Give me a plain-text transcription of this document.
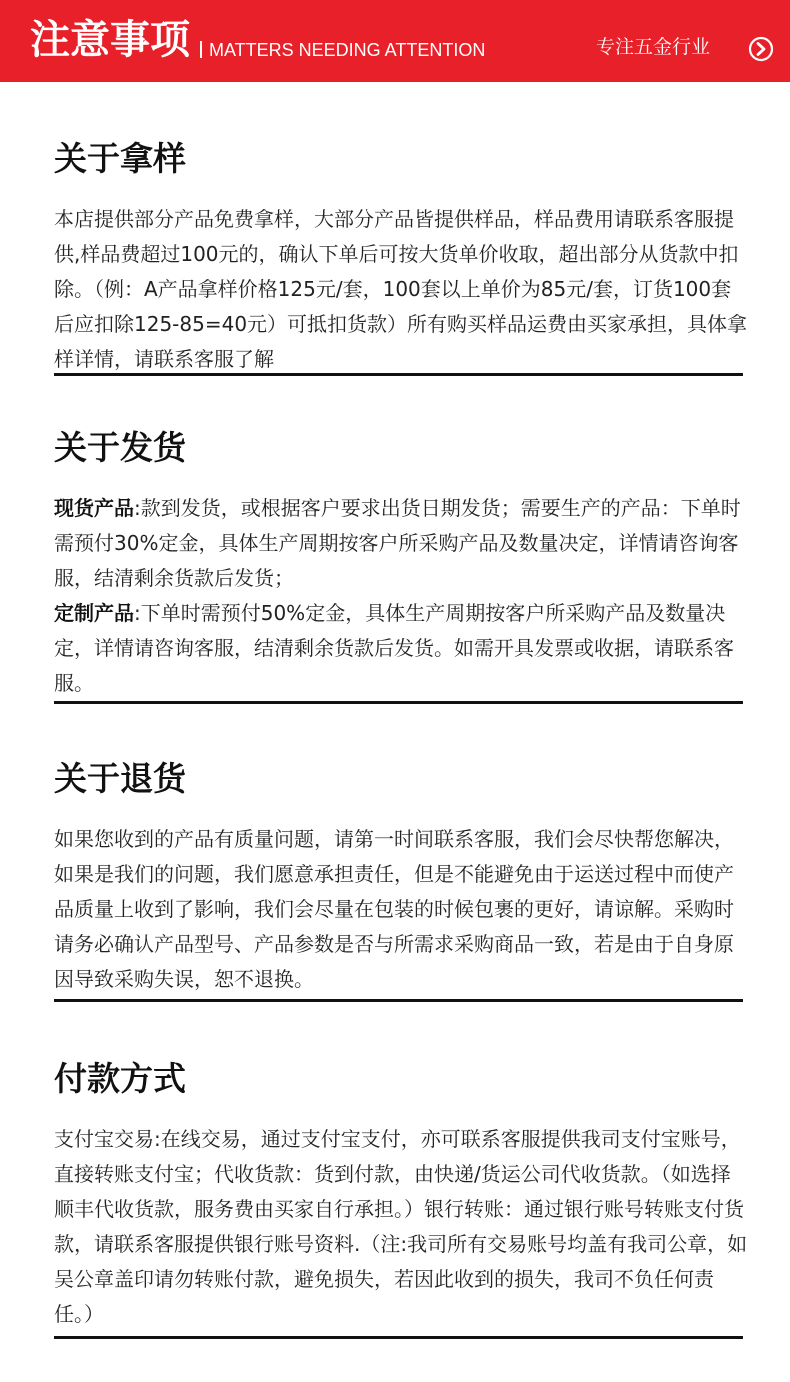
注意事项	MATTERS NEEDING ATTENTION	专注五金行业
关于拿样
本店提供部分产品免费拿样，大部分产品皆提供样品，样品费用请联系客服提供,样品费超过100元的，确认下单后可按大货单价收取，超出部分从货款中扣除。（例：A产品拿样价格125元/套，100套以上单价为85元/套，订货100套后应扣除125-85=40元）可抵扣货款）所有购买样品运费由买家承担，具体拿样详情，请联系客服了解
关于发货
现货产品:款到发货，或根据客户要求出货日期发货；需要生产的产品：下单时需预付30%定金，具体生产周期按客户所采购产品及数量决定，详情请咨询客服，结清剩余货款后发货；
定制产品:下单时需预付50%定金，具体生产周期按客户所采购产品及数量决定，详情请咨询客服，结清剩余货款后发货。如需开具发票或收据，请联系客服。
关于退货
如果您收到的产品有质量问题，请第一时间联系客服，我们会尽快帮您解决，如果是我们的问题，我们愿意承担责任，但是不能避免由于运送过程中而使产品质量上收到了影响，我们会尽量在包装的时候包裹的更好，请谅解。采购时请务必确认产品型号、产品参数是否与所需求采购商品一致，若是由于自身原因导致采购失误，恕不退换。
付款方式
支付宝交易:在线交易，通过支付宝支付，亦可联系客服提供我司支付宝账号，直接转账支付宝；代收货款：货到付款，由快递/货运公司代收货款。（如选择顺丰代收货款，服务费由买家自行承担。）银行转账：通过银行账号转账支付货款，请联系客服提供银行账号资料.（注:我司所有交易账号均盖有我司公章，如吴公章盖印请勿转账付款，避免损失，若因此收到的损失，我司不负任何责任。）
